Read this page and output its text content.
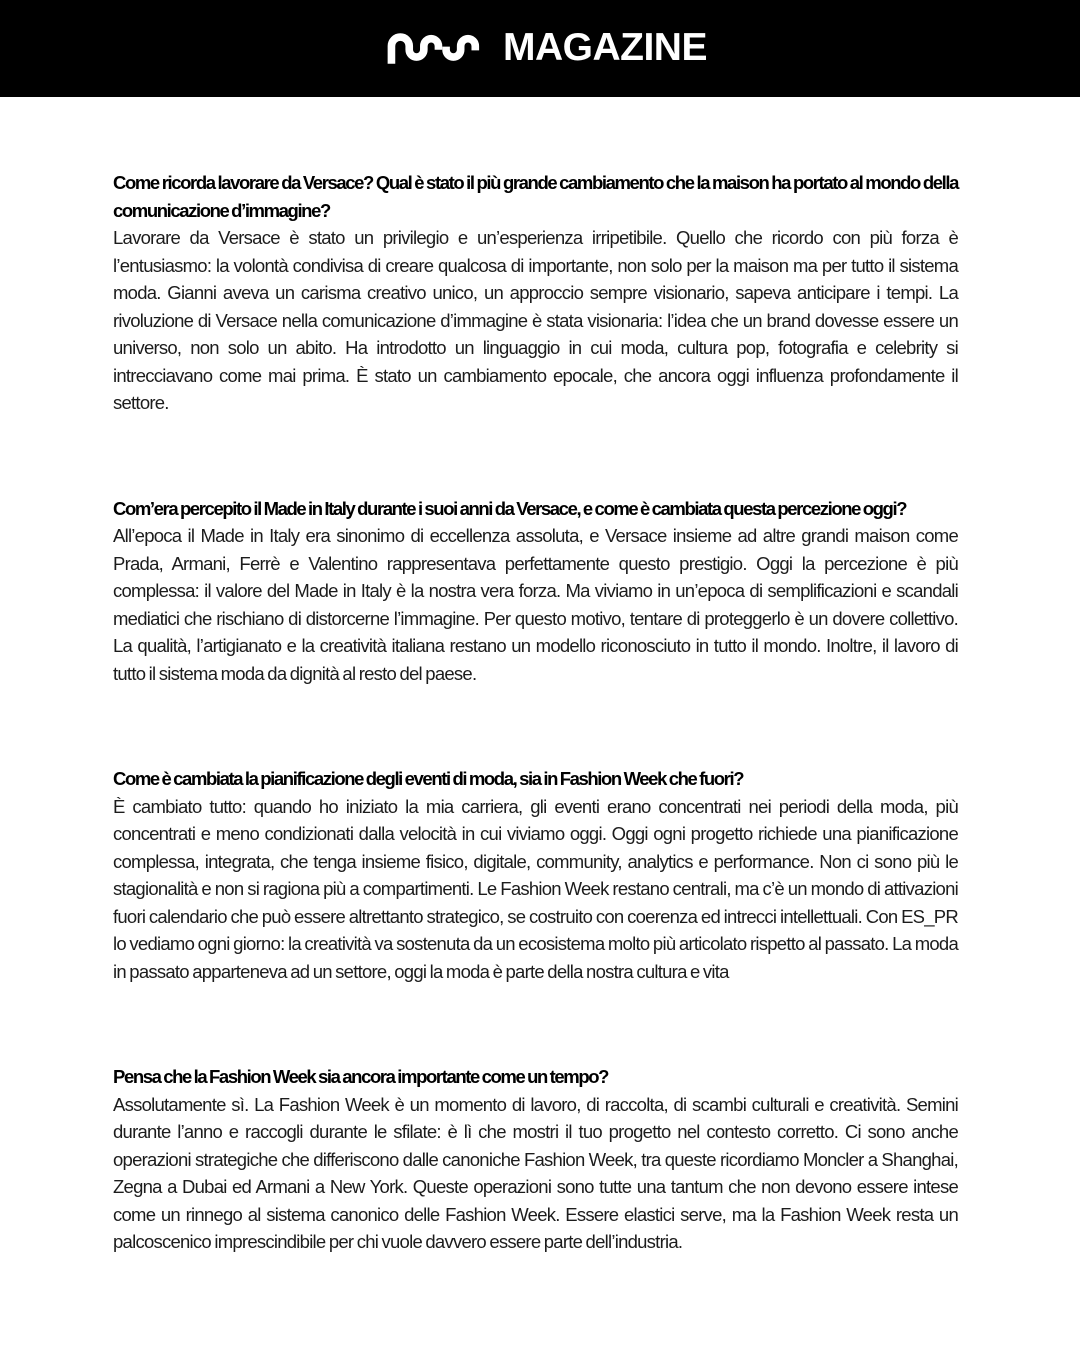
MAGAZINE
Come ricorda lavorare da Versace? Qual è stato il più grande cambiamento che la maison ha portato al mondo della comunicazione d’immagine?

Lavorare da Versace è stato un privilegio e un’esperienza irripetibile. Quello che ricordo con più forza è l’entusiasmo: la volontà condivisa di creare qualcosa di importante, non solo per la maison ma per tutto il sistema moda. Gianni aveva un carisma creativo unico, un approccio sempre visionario, sapeva anticipare i tempi. La rivoluzione di Versace nella comunicazione d’immagine è stata visionaria: l’idea che un brand dovesse essere un universo, non solo un abito. Ha introdotto un linguaggio in cui moda, cultura pop, fotografia e celebrity si intrecciavano come mai prima. È stato un cambiamento epocale, che ancora oggi influenza profondamente il settore.

Com’era percepito il Made in Italy durante i suoi anni da Versace, e come è cambiata questa percezione oggi?

All’epoca il Made in Italy era sinonimo di eccellenza assoluta, e Versace insieme ad altre grandi maison come Prada, Armani, Ferrè e Valentino rappresentava perfettamente questo prestigio. Oggi la percezione è più complessa: il valore del Made in Italy è la nostra vera forza. Ma viviamo in un’epoca di semplificazioni e scandali mediatici che rischiano di distorcerne l’immagine. Per questo motivo, tentare di proteggerlo è un dovere collettivo. La qualità, l’artigianato e la creatività italiana restano un modello riconosciuto in tutto il mondo. Inoltre, il lavoro di tutto il sistema moda da dignità al resto del paese.

Come è cambiata la pianificazione degli eventi di moda, sia in Fashion Week che fuori?

È cambiato tutto: quando ho iniziato la mia carriera, gli eventi erano concentrati nei periodi della moda, più concentrati e meno condizionati dalla velocità in cui viviamo oggi. Oggi ogni progetto richiede una pianificazione complessa, integrata, che tenga insieme fisico, digitale, community, analytics e performance. Non ci sono più le stagionalità e non si ragiona più a compartimenti. Le Fashion Week restano centrali, ma c’è un mondo di attivazioni fuori calendario che può essere altrettanto strategico, se costruito con coerenza ed intrecci intellettuali. Con ES_PR lo vediamo ogni giorno: la creatività va sostenuta da un ecosistema molto più articolato rispetto al passato. La moda in passato apparteneva ad un settore, oggi la moda è parte della nostra cultura e vita

Pensa che la Fashion Week sia ancora importante come un tempo?

Assolutamente sì. La Fashion Week è un momento di lavoro, di raccolta, di scambi culturali e creatività. Semini durante l’anno e raccogli durante le sfilate: è lì che mostri il tuo progetto nel contesto corretto. Ci sono anche operazioni strategiche che differiscono dalle canoniche Fashion Week, tra queste ricordiamo Moncler a Shanghai, Zegna a Dubai ed Armani a New York. Queste operazioni sono tutte una tantum che non devono essere intese come un rinnego al sistema canonico delle Fashion Week. Essere elastici serve, ma la Fashion Week resta un palcoscenico imprescindibile per chi vuole davvero essere parte dell’industria.
